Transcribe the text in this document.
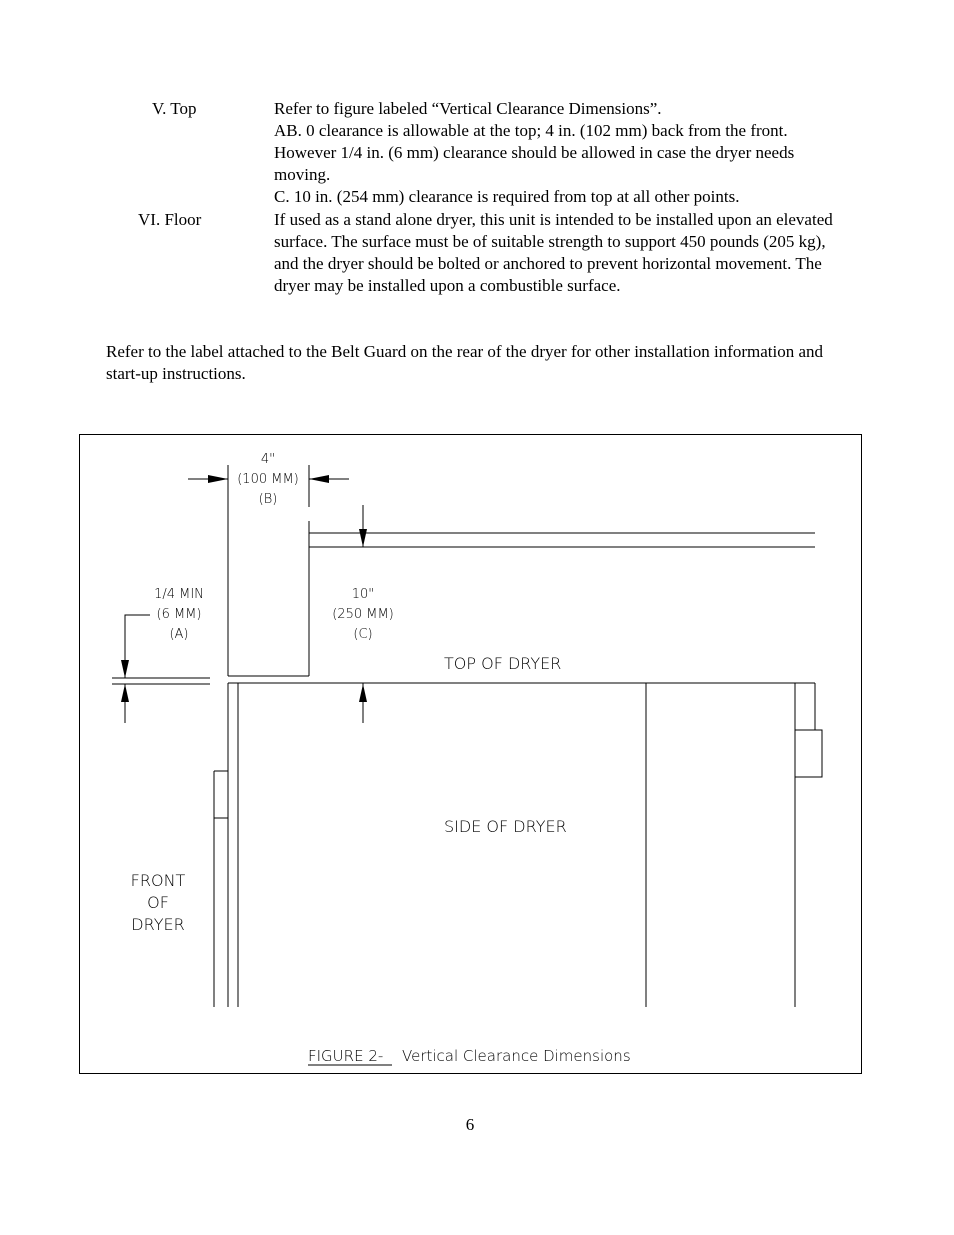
V. Top	Refer to figure labeled “Vertical Clearance Dimensions”.

AB. 0 clearance is allowable at the top; 4 in. (102 mm) back from the front. However 1/4 in. (6 mm) clearance should be allowed in case the dryer needs moving.

C. 10 in. (254 mm) clearance is required from top at all other points.

VI. Floor	If used as a stand alone dryer, this unit is intended to be installed upon an elevated surface. The surface must be of suitable strength to support 450 pounds (205 kg), and the dryer should be bolted or anchored to prevent horizontal movement. The dryer may be installed upon a combustible surface.

Refer to the label attached to the Belt Guard on the rear of the dryer for other installation information and start-up instructions.
4"
(100 MM)
(B)
1/4 MIN
(6 MM)
(A)
10"
(250 MM)
(C)
TOP OF DRYER
SIDE OF DRYER
FRONT
OF
DRYER
FIGURE 2- Vertical Clearance Dimensions
6
